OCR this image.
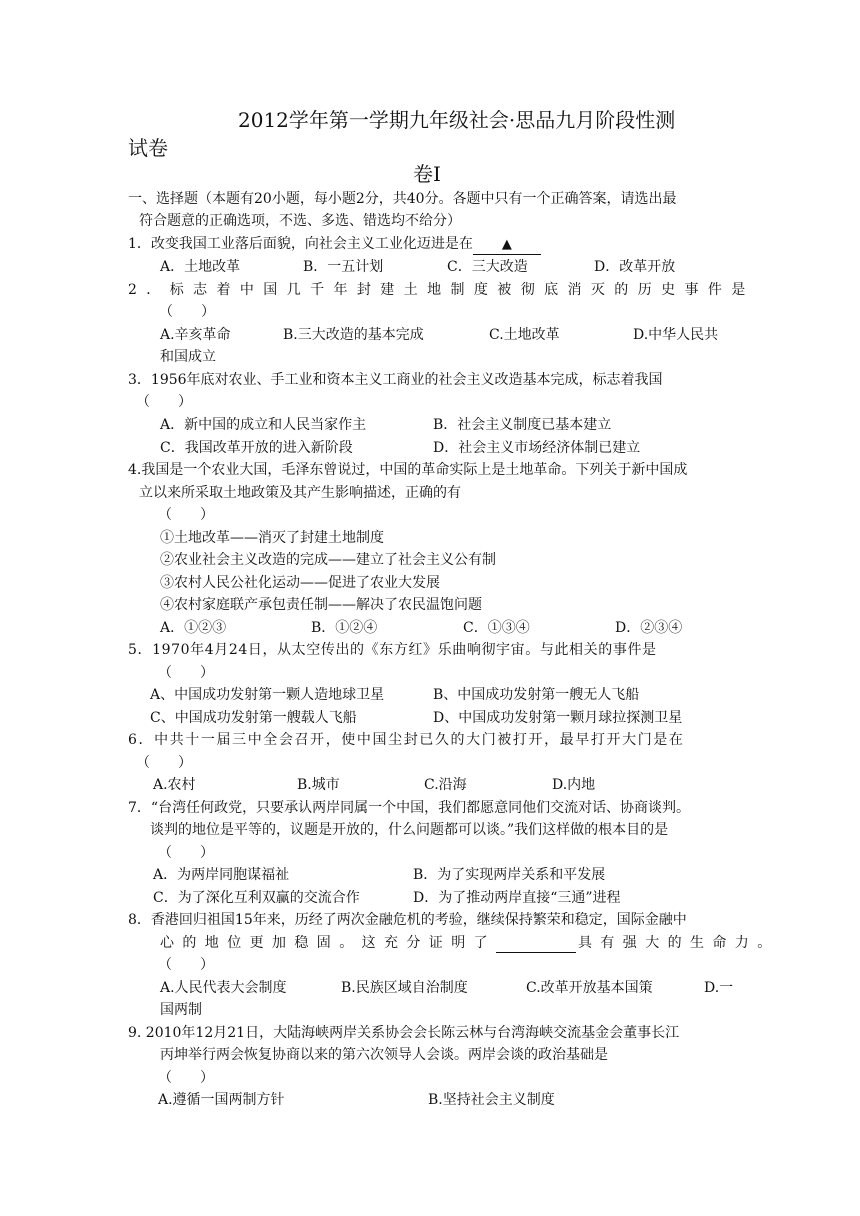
2012学年第一学期九年级社会·思品九月阶段性测
试卷
卷Ⅰ
一、选择题（本题有20小题，每小题2分，共40分。各题中只有一个正确答案，请选出最
符合题意的正确选项，不选、多选、错选均不给分）
1．改变我国工业落后面貌，向社会主义工业化迈进是在 ▲
A．土地改革	B．一五计划	C．三大改造	D．改革开放
2．标志着中国几千年封建土地制度被彻底消灭的历史事件是
（　　）
A.辛亥革命	B.三大改造的基本完成	C.土地改革	D.中华人民共
和国成立
3．1956年底对农业、手工业和资本主义工商业的社会主义改造基本完成，标志着我国
（　　）
A．新中国的成立和人民当家作主	B．社会主义制度已基本建立
C．我国改革开放的进入新阶段	D．社会主义市场经济体制已建立
4.我国是一个农业大国，毛泽东曾说过，中国的革命实际上是土地革命。下列关于新中国成
立以来所采取土地政策及其产生影响描述，正确的有
（　　）
①土地改革——消灭了封建土地制度
②农业社会主义改造的完成——建立了社会主义公有制
③农村人民公社化运动——促进了农业大发展
④农村家庭联产承包责任制——解决了农民温饱问题
A．①②③	B．①②④	C．①③④	D．②③④
5．1970年4月24日，从太空传出的《东方红》乐曲响彻宇宙。与此相关的事件是
（　　）
A、中国成功发射第一颗人造地球卫星	B、中国成功发射第一艘无人飞船
C、中国成功发射第一艘载人飞船	D、中国成功发射第一颗月球拉探测卫星
6．中共十一届三中全会召开，使中国尘封已久的大门被打开，最早打开大门是在
（　　）
A.农村	B.城市	C.沿海	D.内地
7．“台湾任何政党，只要承认两岸同属一个中国，我们都愿意同他们交流对话、协商谈判。
谈判的地位是平等的，议题是开放的，什么问题都可以谈。”我们这样做的根本目的是
（　　）
A．为两岸同胞谋福祉	B．为了实现两岸关系和平发展
C．为了深化互利双赢的交流合作	D．为了推动两岸直接“三通”进程
8．香港回归祖国15年来，历经了两次金融危机的考验，继续保持繁荣和稳定，国际金融中
心的地位更加稳固。这充分证明了	具有强大的生命力。
（　　）
A.人民代表大会制度	B.民族区域自治制度	C.改革开放基本国策	D.一
国两制
9. 2010年12月21日，大陆海峡两岸关系协会会长陈云林与台湾海峡交流基金会董事长江
丙坤举行两会恢复协商以来的第六次领导人会谈。两岸会谈的政治基础是
（　　）
A.遵循一国两制方针	B.坚持社会主义制度
